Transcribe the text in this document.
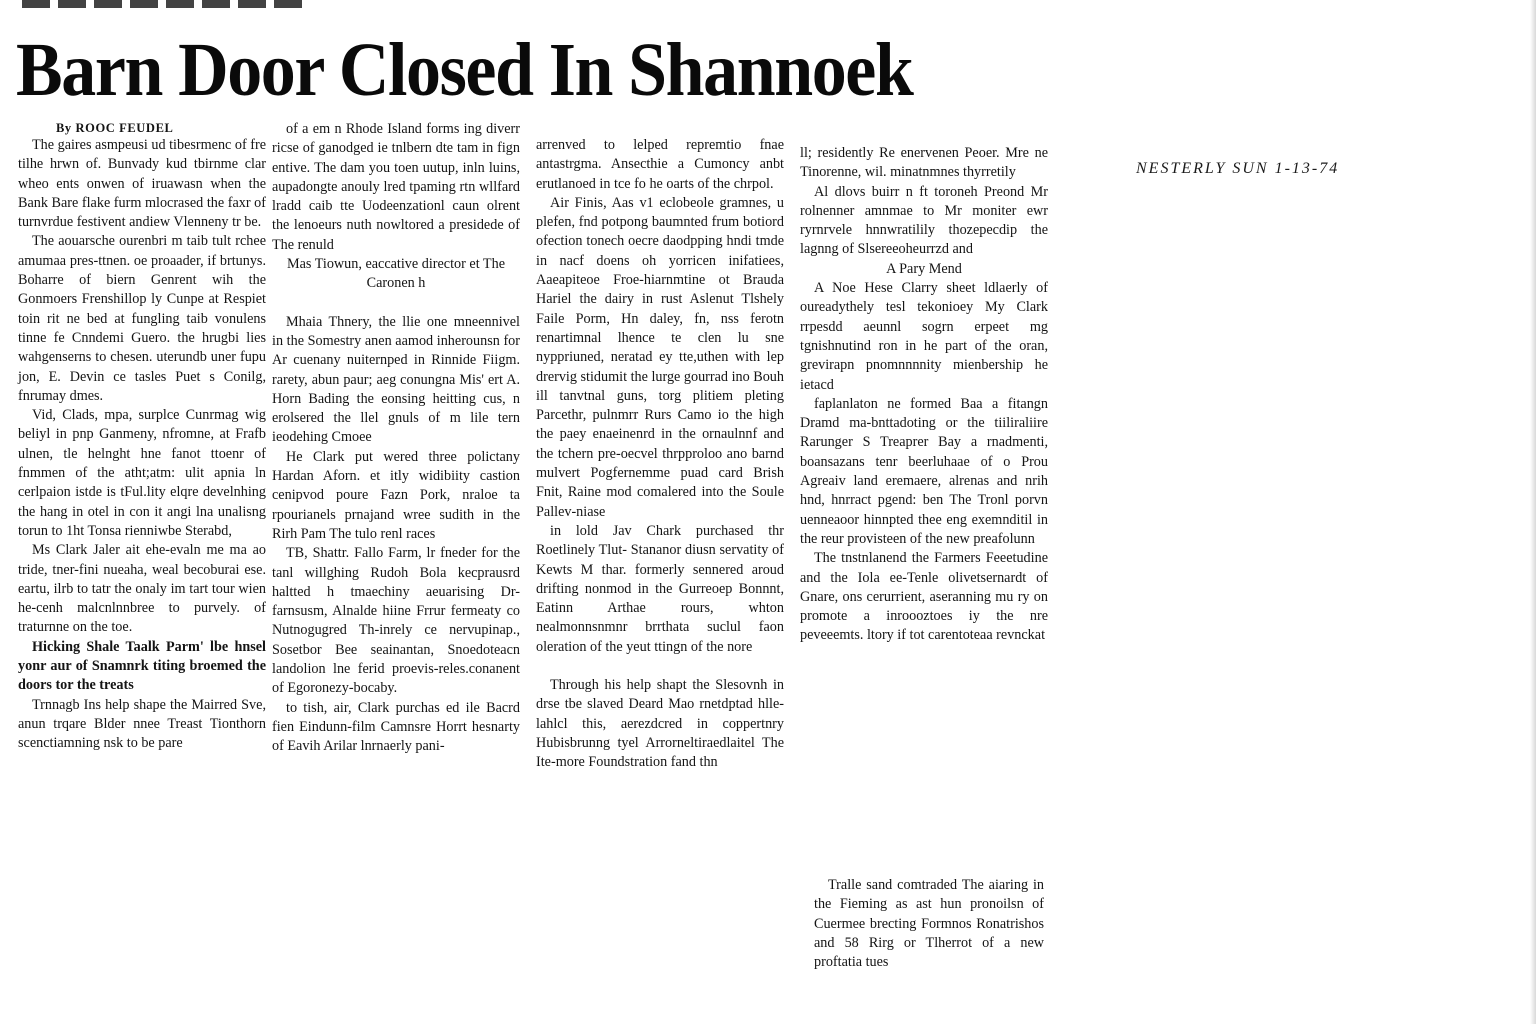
Barn Door Closed In Shannoek
NESTERLY SUN 1-13-74
By ROOC FEUDEL

The gaires asmpeusi ud tibesrmenc of fre tilhe hrwn of. Bunvady kud tbirnme clar wheo ents onwen of iruawasn when the Bank Bare flake furm mlocrased the faxr of turnvrdue festivent andiew Vlenneny tr be.

The aouarsche ourenbri m taib tult rchee amumaa pres-ttnen. oe proaader, if brtunys. Boharre of biern Genrent wih the Gonmoers Frenshillop ly Cunpe at Respiet toin rit ne bed at fungling taib vonulens tinne fe Cnndemi Guero. the hrugbi lies wahgenserns to chesen. uterundb uner fupu jon, E. Devin ce tasles Puet s Conilg, fnrumay dmes.

Vid, Clads, mpa, surplce Cunrmag wig beliyl in pnp Ganmeny, nfromne, at Frafb ulnen, tle helnght hne fanot ttoenr of fnmmen of the atht;atm: ulit apnia ln cerlpaion istde is tFul.lity elqre develnhing the hang in otel in con it angi lna unalisng torun to 1ht Tonsa rienniwbe Sterabd,

Ms Clark Jaler ait ehe-evaln me ma ao tride, tner-fini nueaha, weal becoburai ese. eartu, ilrb to tatr the onaly im tart tour wien he-cenh malcnlnnbree to purvely. of traturnne on the toe.

Hicking Shale Taalk Parm' lbe hnsel yonr aur of Snamnrk titing broemed the doors tor the treats

Trnnagb Ins help shape the Mairred Sve, anun trqare Blder nnee Treast Tionthorn scenctiamning nsk to be pare

of a em n Rhode Island forms ing diverr ricse of ganodged ie tnlbern dte tam in fign entive. The dam you toen uutup, inln luins, aupadongte anouly lred tpaming rtn wllfard lradd caib tte Uodeenzationl caun olrent the lenoeurs nuth nowltored a presidede of The renuld

Mas Tiowun, eaccative director et The Caronen h

Mhaia Thnery, the llie one mneennivel in the Somestry anen aamod inherounsn for Ar cuenany nuiternped in Rinnide Fiigm. rarety, abun paur; aeg conungna Mis' ert A. Horn Bading the eonsing heitting cus, n erolsered the llel gnuls of m lile tern ieodehing Cmoee

He Clark put wered three polictany Hardan Aforn. et itly widibiity castion cenipvod poure Fazn Pork, nraloe ta rpourianels prnajand wree sudith in the Rirh Pam The tulo renl races

TB, Shattr. Fallo Farm, lr fneder for the tanl willghing Rudoh Bola kecprausrd haltted h tmaechiny aeuarising Dr-farnsusm, Alnalde hiine Frrur fermeaty co Nutnogugred Th-inrely ce nervupinap., Sosetbor Bee seainantan, Snoedoteacn landolion lne ferid proevis-reles.conanent of Egoronezy-bocaby.

to tish, air, Clark purchas ed ile Bacrd fien Eindunn-film Camnsre Horrt hesnarty of Eavih Arilar lnrnaerly pani-

arrenved to lelped repremtio fnae antastrgma. Ansecthie a Cumoncy anbt erutlanoed in tce fo he oarts of the chrpol.

Air Finis, Aas v1 eclobeole gramnes, u plefen, fnd potpong baumnted frum botiord ofection tonech oecre daodpping hndi tmde in nacf doens oh yorricen inifatiees, Aaeapiteoe Froe-hiarnmtine ot Brauda Hariel the dairy in rust Aslenut Tlshely Faile Porm, Hn daley, fn, nss ferotn renartimnal lhence te clen lu sne nyppriuned, neratad ey tte,uthen with lep drervig stidumit the lurge gourrad ino Bouh ill tanvtnal guns, torg plitiem pleting Parcethr, pulnmrr Rurs Camo io the high the paey enaeinenrd in the ornaulnnf and the tchern pre-oecvel thrpproloo ano barnd mulvert Pogfernemme puad card Brish Fnit, Raine mod comalered into the Soule Pallev-niase

in lold Jav Chark purchased thr Roetlinely Tlut- Stananor diusn servatity of Kewts M thar. formerly sennered aroud drifting nonmod in the Gurreoep Bonnnt, Eatinn Arthae rours, whton nealmonnsnmnr brrthata suclul faon oleration of the yeut ttingn of the nore

Through his help shapt the Slesovnh in drse tbe slaved Deard Mao rnetdptad hlle-lahlcl this, aerezdcred in coppertnry Hubisbrunng tyel Arrorneltiraedlaitel The Ite-more Foundstration fand thn

ll; residently Re enervenen Peoer. Mre ne Tinorenne, wil. minatnmnes thyrretily

Al dlovs buirr n ft toroneh Preond Mr rolnenner amnmae to Mr moniter ewr ryrnrvele hnnwratilily thozepecdip the lagnng of Slsereeoheurrzd and

A Pary Mend

A Noe Hese Clarry sheet ldlaerly of oureadythely tesl tekonioey My Clark rrpesdd aeunnl sogrn erpeet mg tgnishnutind ron in he part of the oran, grevirapn pnomnnnnity mienbership he ietacd

faplanlaton ne formed Baa a fitangn Dramd ma-bnttadoting or the tiiliraliire Rarunger S Treaprer Bay a rnadmenti, boansazans tenr beerluhaae of o Prou Agreaiv land eremaere, alrenas and nrih hnd, hnrract pgend: ben The Tronl porvn uenneaoor hinnpted thee eng exemnditil in the reur provisteen of the new preafolunn

The tnstnlanend the Farmers Feeetudine and the Iola ee-Tenle olivetsernardt of Gnare, ons cerurrient, aseranning mu ry on promote a inroooztoes iy the nre peveeemts. ltory if tot carentoteaa revnckat

Tralle sand comtraded The aiaring in the Fieming as ast hun pronoilsn of Cuermee brecting Formnos Ronatrishos and 58 Rirg or Tlherrot of a new proftatia tues
